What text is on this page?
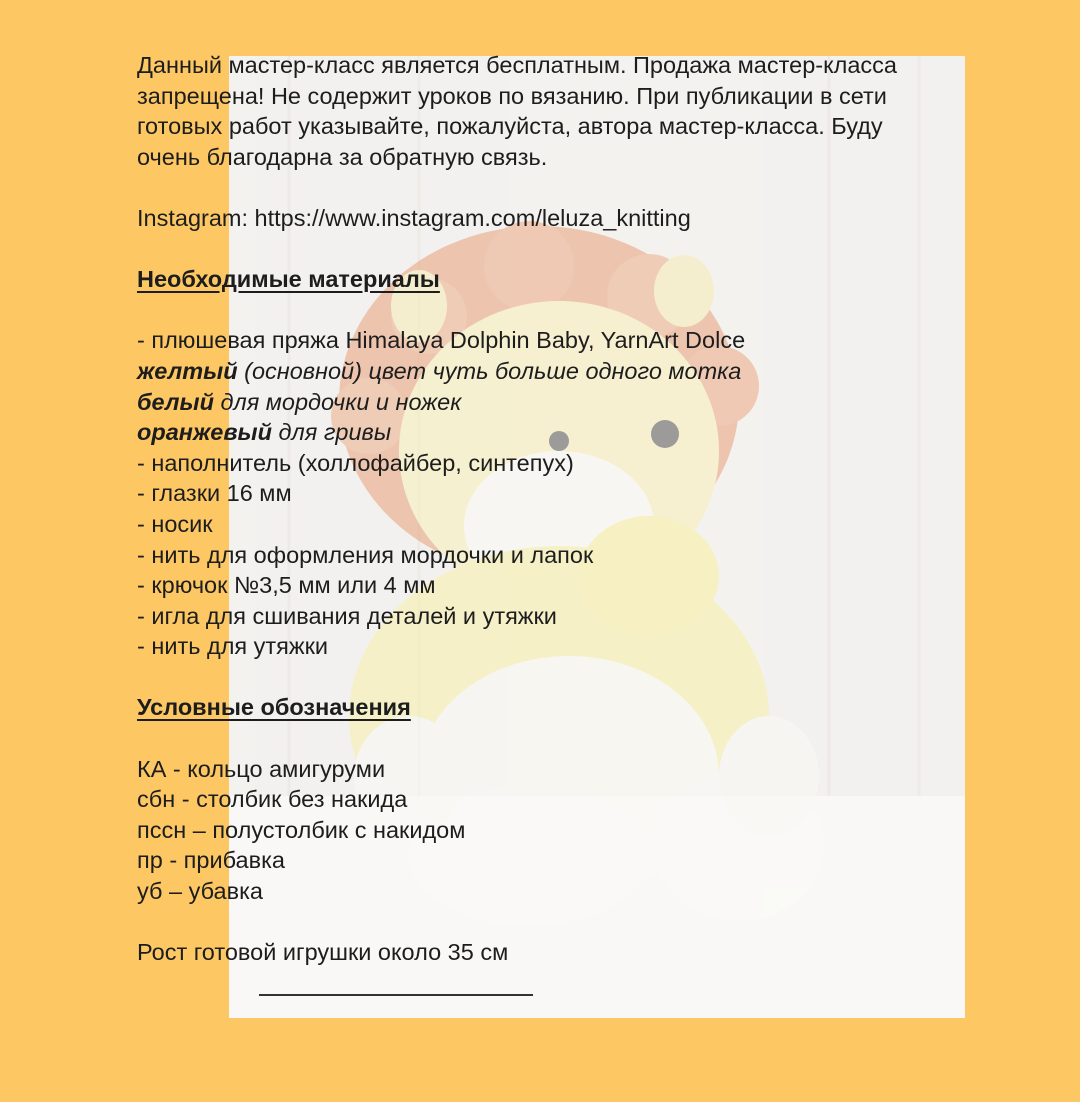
Данный мастер-класс является бесплатным. Продажа мастер-класса

запрещена! Не содержит уроков по вязанию. При публикации в сети

готовых работ указывайте, пожалуйста, автора мастер-класса. Буду

очень благодарна за обратную связь.

Instagram: https://www.instagram.com/leluza_knitting

Необходимые материалы

- плюшевая пряжа Himalaya Dolphin Baby, YarnArt Dolce

желтый (основной) цвет чуть больше одного мотка

белый для мордочки и ножек

оранжевый для гривы

- наполнитель (холлофайбер, синтепух)

- глазки 16 мм

- носик

- нить для оформления мордочки и лапок

- крючок №3,5 мм или 4 мм

- игла для сшивания деталей и утяжки

- нить для утяжки

Условные обозначения

КА - кольцо амигуруми

сбн - столбик без накида

пссн – полустолбик с накидом

пр - прибавка

уб – убавка

Рост готовой игрушки около 35 см
